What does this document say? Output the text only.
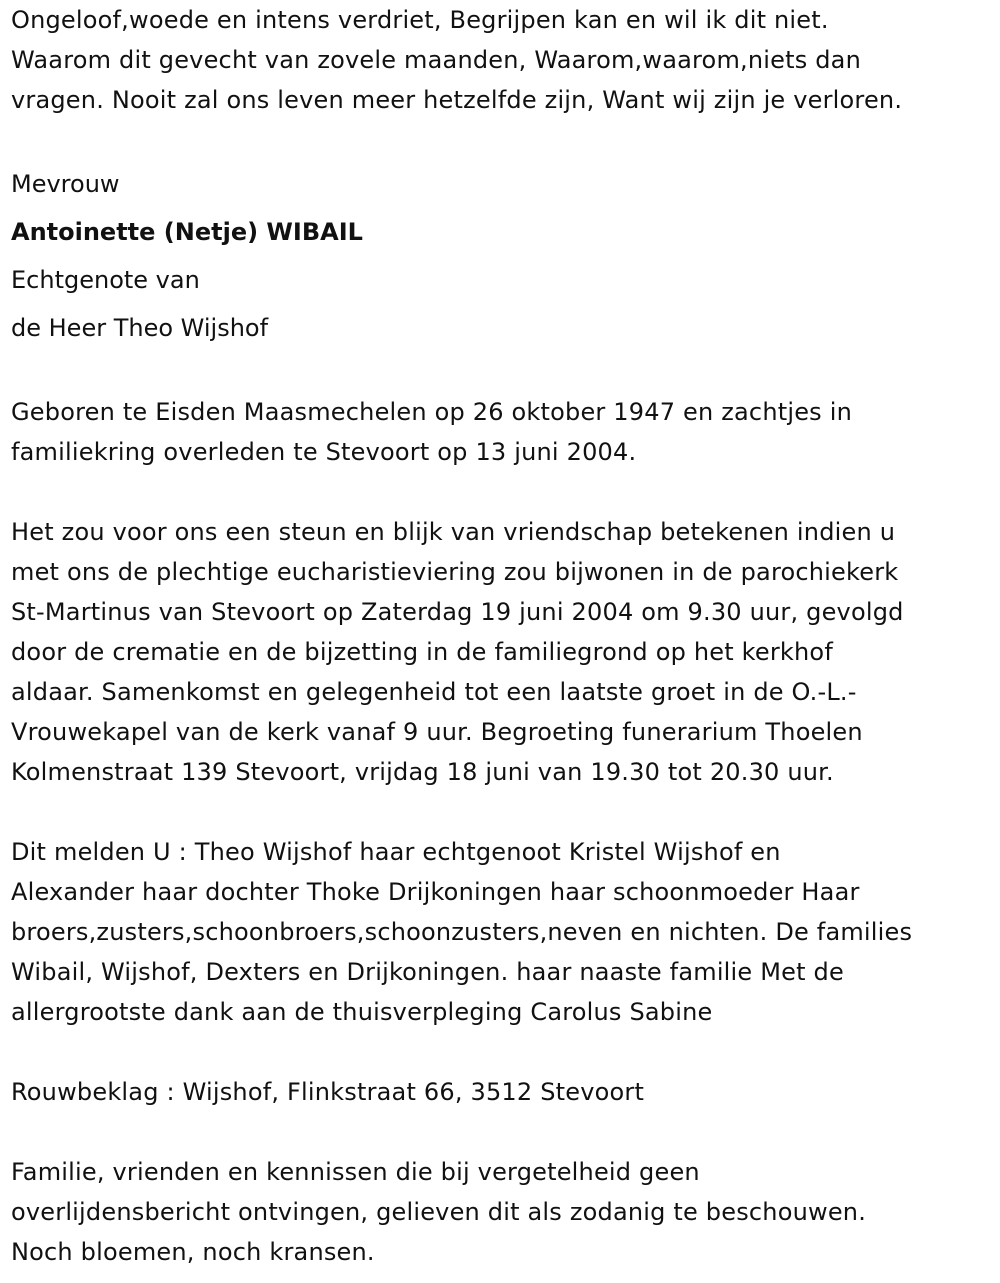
Ongeloof,woede en intens verdriet, Begrijpen kan en wil ik dit niet.

Waarom dit gevecht van zovele maanden, Waarom,waarom,niets dan

vragen. Nooit zal ons leven meer hetzelfde zijn, Want wij zijn je verloren.

Mevrouw

Antoinette (Netje) WIBAIL

Echtgenote van

de Heer Theo Wijshof

Geboren te Eisden Maasmechelen op 26 oktober 1947 en zachtjes in

familiekring overleden te Stevoort op 13 juni 2004.

Het zou voor ons een steun en blijk van vriendschap betekenen indien u

met ons de plechtige eucharistieviering zou bijwonen in de parochiekerk

St-Martinus van Stevoort op Zaterdag 19 juni 2004 om 9.30 uur, gevolgd

door de crematie en de bijzetting in de familiegrond op het kerkhof

aldaar. Samenkomst en gelegenheid tot een laatste groet in de O.-L.-

Vrouwekapel van de kerk vanaf 9 uur. Begroeting funerarium Thoelen

Kolmenstraat 139 Stevoort, vrijdag 18 juni van 19.30 tot 20.30 uur.

Dit melden U : Theo Wijshof haar echtgenoot Kristel Wijshof en

Alexander haar dochter Thoke Drijkoningen haar schoonmoeder Haar

broers,zusters,schoonbroers,schoonzusters,neven en nichten. De families

Wibail, Wijshof, Dexters en Drijkoningen. haar naaste familie Met de

allergrootste dank aan de thuisverpleging Carolus Sabine

Rouwbeklag : Wijshof, Flinkstraat 66, 3512 Stevoort

Familie, vrienden en kennissen die bij vergetelheid geen

overlijdensbericht ontvingen, gelieven dit als zodanig te beschouwen.

Noch bloemen, noch kransen.
